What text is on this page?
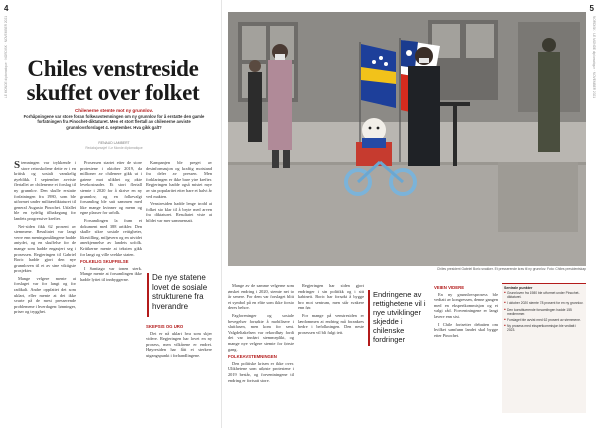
4	5
LE MONDE diplomatique · NORDISK · NOVEMBER 2021	NORDISK · LE MONDE diplomatique · NOVEMBER 2021
Chiles venstreside skuffet over folket
Chilenerne stemte mot ny grunnlov.
Forhåpningene var store foran folkeavstemningen om ny grunnlov for å erstatte den gamle forfatningen fra Pinochet-diktaturet. Men et stort flertall av chilenerne avviste grunnlovsforslaget 4. september. Hva gikk galt?
RENAUD LAMBERT
Redaksjonssjef i Le Monde diplomatique

Stemningen var trykkende i store retroskolene dette er i en kritisk og sosialt vanskelig øyeblikk. I september avviste flertallet av chilenerne et forslag til ny grunnlov. Den skulle erstatte forfatningen fra 1980, som ble utformet under militærdiktaturet til general Augusto Pinochet. Utfallet ble en tydelig tilbakegang for landets progressive krefter.

Nei-siden fikk 62 prosent av stemmene. Resultatet var langt verre enn meningsmålingene hadde antydet, og en skuffelse for de mange som hadde engasjert seg i prosessen. Regjeringen til Gabriel Boric hadde gjort den nye grunnloven til et av sine viktigste prosjekter.

Mange velgere mente at forslaget var for langt og for radikalt. Andre oppfattet det som uklart, eller mente at det ikke svarte på de mest presserende problemene i hverdagen: lønninger, priser og trygghet.

Prosessen startet etter de store protestene i oktober 2019, da millioner av chilenere gikk ut i gatene mot ulikhet og økte levekostnader. Et stort flertall stemte i 2020 for å skrive en ny grunnlov, og en folkevalgt forsamling ble satt sammen med like mange kvinner og menn og egne plasser for urfolk.

Forsamlingen la fram et dokument med 388 artikler. Den skulle sikre sosiale rettigheter, likestilling, miljøvern og en utvidet anerkjennelse av landets urfolk. Kritikerne mente at teksten gikk for langt og ville svekke staten.

FOLKELIG SKUFFELSE

I Santiago var tonen sterk. Mange mente at forsamlingen ikke hadde lyttet til innbyggerne.

Kampanjen ble preget av desinformasjon og kraftig motstand fra deler av pressen. Men forklaringen er ikke bare ytre krefter. Regjeringen hadde også mistet mye av sin popularitet etter bare et halvt år ved makten.

Venstresiden hadde lenge trodd at folket sto klar til å bryte med arven fra diktaturet. Resultatet viste at bildet var mer sammensatt.

De nye statene lovet de sosiale strukturene fra hverandre
SKEPSIS OG URO

Det er nå uklart hva som skjer videre. Regjeringen har lovet en ny prosess, men vilkårene er endret. Høyresiden har fått et sterkere utgangspunkt i forhandlingene.

Chiles president Gabriel Boric snakker. Et presserende krav til ny grunnlov. Foto: Chiles presidentskap

Mange av de samme velgerne som ønsket endring i 2020, stemte nei to år senere. For dem var forslaget blitt et symbol på en elite som ikke forsto deres behov.

Fagforeninger og sosiale bevegelser forsøkte å mobilisere i sluttfasen, men kom for sent. Valgdeltakelsen var rekordhøy fordi det var innført stemmeplikt, og mange nye velgere stemte for første gang.

FOLKEAVSTEMNINGEN

Den politiske krisen er ikke over. Ulikhetene som utløste protestene i 2019 består, og forventningene til endring er fortsatt store.

Regjeringen har siden gjort endringer i sin politikk og i sitt kabinett. Boric har forsøkt å bygge bro mot sentrum, men står svakere enn før.

For mange på venstresiden er lærdommen at endring må forankres bedre i befolkningen. Den neste prosessen vil bli fulgt tett.

Endringene av rettighetene vil i nye utviklinger skjedde i chilenske fordringer
VEIEN VIDERE

En ny grunnlovsprosess ble vedtatt av kongressen, denne gangen med en ekspertkommisjon og et valgt råd. Forventningene er langt lavere enn sist.

I Chile fortsetter debatten om hvilket samfunn landet skal bygge etter Pinochet.

Sentrale punkter
■ Grunnloven fra 1980 ble utformet under Pinochet-diktaturet.
■ I oktober 2020 stemte 78 prosent for en ny grunnlov.
■ Den konstituerende forsamlingen hadde 155 medlemmer.
■ Forslaget ble avvist med 62 prosent av stemmene.
■ Ny prosess med ekspertkommisjon ble vedtatt i 2023.
